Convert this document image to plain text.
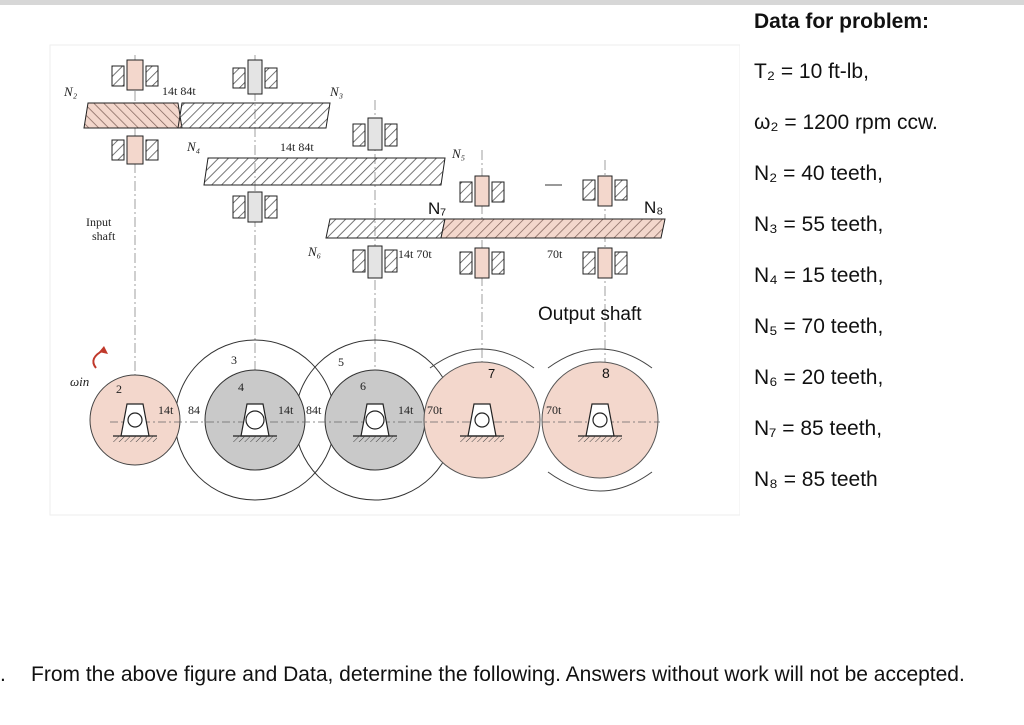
N₂	14t 84t	N₃
N₄	14t 84t	N₅
N₇	N₈
Input
shaft
N₆	14t 70t	70t
Output shaft
ωin 2
3
4
5
6
7	8
14t 84	14t 84t	14t 70t	70t
Data for problem:
T₂ = 10 ft-lb,
ω₂ = 1200 rpm ccw.
N₂ = 40 teeth,
N₃ = 55 teeth,
N₄ = 15 teeth,
N₅ = 70 teeth,
N₆ = 20 teeth,
N₇ = 85 teeth,
N₈ = 85 teeth
. From the above figure and Data, determine the following. Answers without work will not be accepted.
